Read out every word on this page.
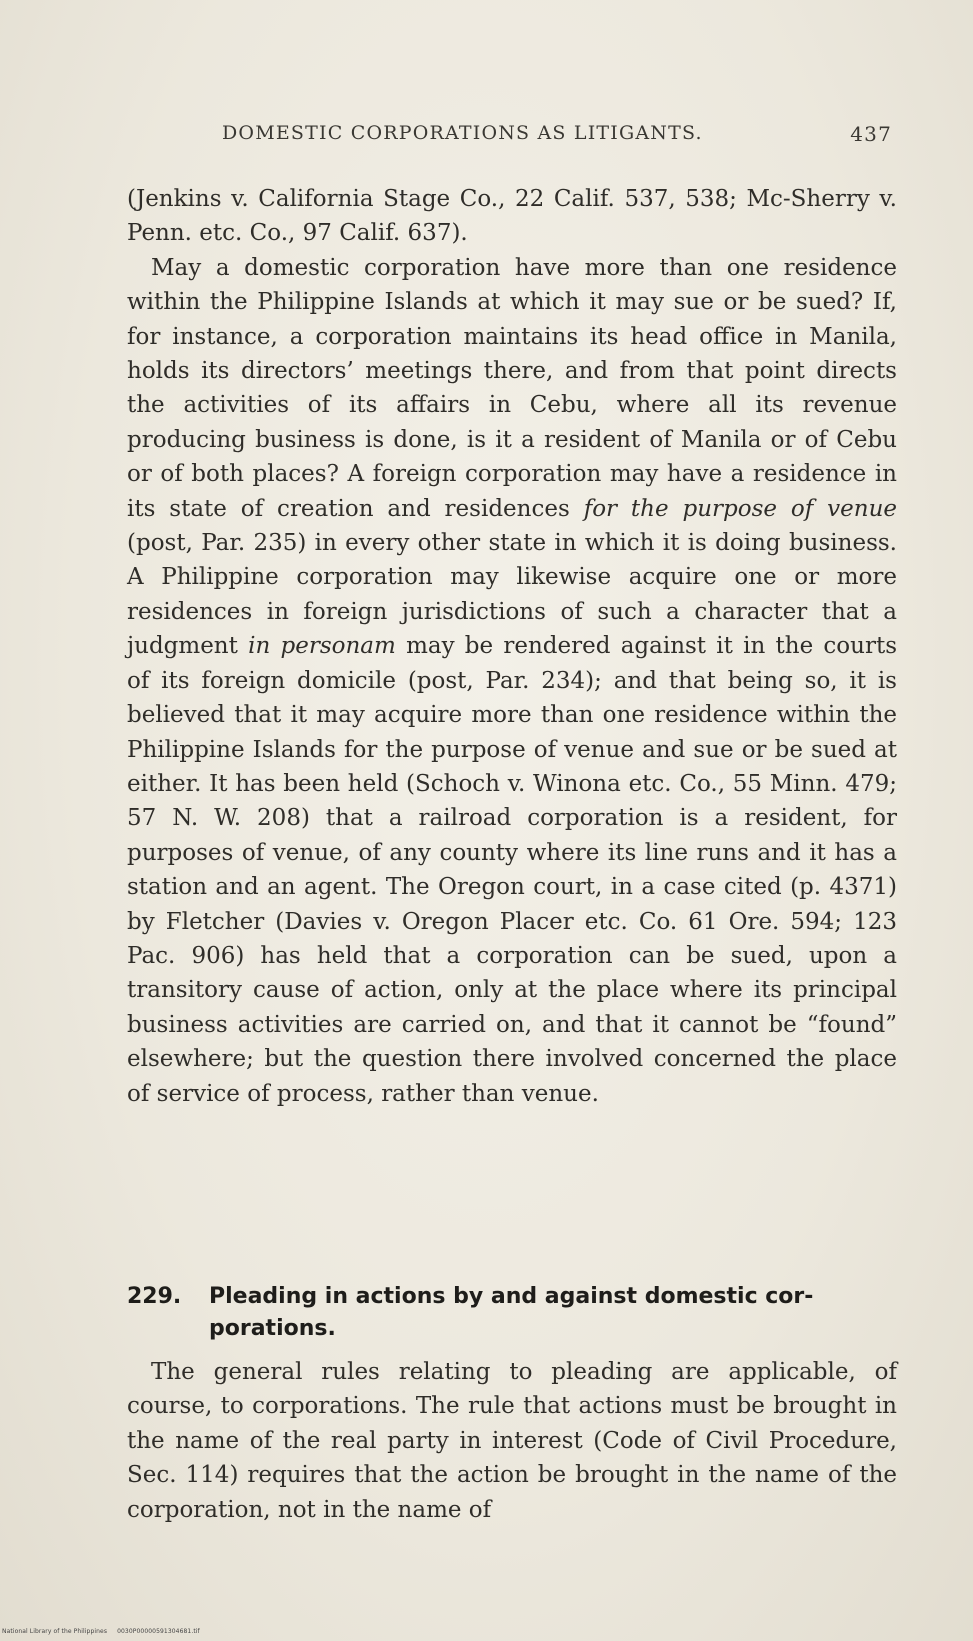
DOMESTIC CORPORATIONS AS LITIGANTS.	437

(Jenkins v. California Stage Co., 22 Calif. 537, 538; Mc-Sherry v. Penn. etc. Co., 97 Calif. 637).

May a domestic corporation have more than one residence within the Philippine Islands at which it may sue or be sued? If, for instance, a corporation maintains its head office in Manila, holds its directors’ meetings there, and from that point directs the activities of its affairs in Cebu, where all its revenue producing business is done, is it a resident of Manila or of Cebu or of both places? A foreign corporation may have a residence in its state of creation and residences for the purpose of venue (post, Par. 235) in every other state in which it is doing business. A Philippine corporation may likewise acquire one or more residences in foreign jurisdictions of such a character that a judgment in personam may be rendered against it in the courts of its foreign domicile (post, Par. 234); and that being so, it is believed that it may acquire more than one residence within the Philippine Islands for the purpose of venue and sue or be sued at either. It has been held (Schoch v. Winona etc. Co., 55 Minn. 479; 57 N. W. 208) that a railroad corporation is a resident, for purposes of venue, of any county where its line runs and it has a station and an agent. The Oregon court, in a case cited (p. 4371) by Fletcher (Davies v. Oregon Placer etc. Co. 61 Ore. 594; 123 Pac. 906) has held that a corporation can be sued, upon a transitory cause of action, only at the place where its principal business activities are carried on, and that it cannot be “found” elsewhere; but the question there involved concerned the place of service of process, rather than venue.

229. Pleading in actions by and against domestic cor-
porations.

The general rules relating to pleading are applicable, of course, to corporations. The rule that actions must be brought in the name of the real party in interest (Code of Civil Procedure, Sec. 114) requires that the action be brought in the name of the corporation, not in the name of

National Library of the Philippines 0030P00000591304681.tif
